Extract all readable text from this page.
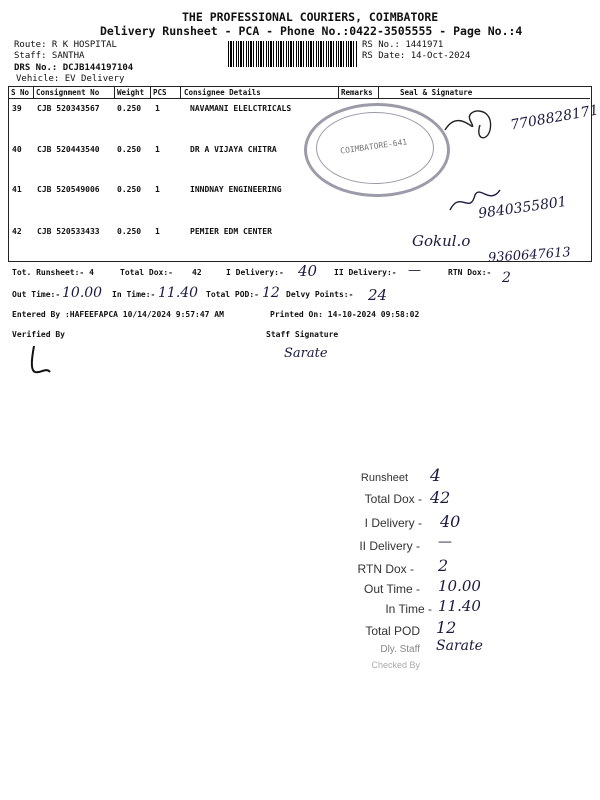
THE PROFESSIONAL COURIERS, COIMBATORE
Delivery Runsheet - PCA - Phone No.:0422-3505555 - Page No.:4
Route: R K HOSPITAL
Staff: SANTHA
DRS No.: DCJB144197104
Vehicle: EV Delivery
RS No.: 1441971
RS Date: 14-Oct-2024
S No Consignment No Weight PCS Consignee Details	Remarks	Seal & Signature
39 CJB 520343567 0.250 1	NAVAMANI ELELCTRICALS
40 CJB 520443540 0.250 1	DR A VIJAYA CHITRA
41 CJB 520549006 0.250 1	INNDNAY ENGINEERING
42 CJB 520533433 0.250 1	PEMIER EDM CENTER
COIMBATORE-641
7708828171
9840355801
Gokul.o
9360647613
Tot. Runsheet:- 4	Total Dox:- 42	I Delivery:- 40 II Delivery:- —	RTN Dox:- 2
Out Time:- 10.00 In Time:- 11.40 Total POD:- 12 Delvy Points:- 24
Entered By :HAFEEFAPCA 10/14/2024 9:57:47 AM	Printed On: 14-10-2024 09:58:02
Verified By	Staff Signature
Sarate
Runsheet 4
Total Dox - 42
I Delivery - 40
II Delivery - —
RTN Dox - 2
Out Time - 10.00
In Time - 11.40
Total POD 12
Dly. Staff Sarate
Checked By
